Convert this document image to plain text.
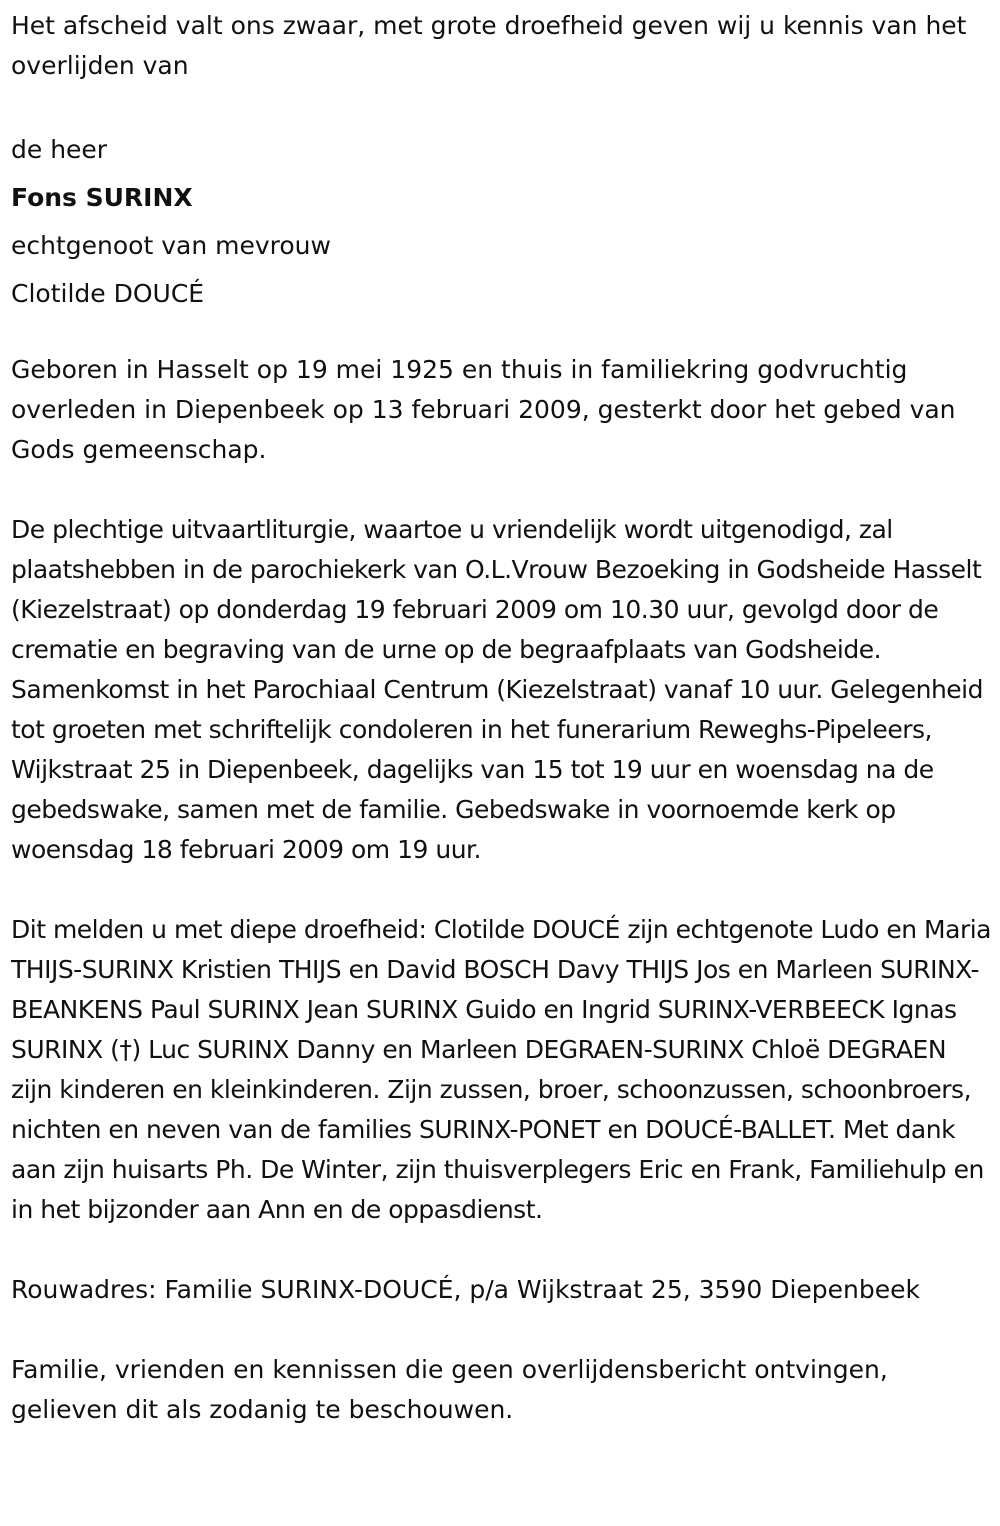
Het afscheid valt ons zwaar, met grote droefheid geven wij u kennis van het overlijden van

de heer

Fons SURINX

echtgenoot van mevrouw

Clotilde DOUCÉ

Geboren in Hasselt op 19 mei 1925 en thuis in familiekring godvruchtig overleden in Diepenbeek op 13 februari 2009, gesterkt door het gebed van Gods gemeenschap.

De plechtige uitvaartliturgie, waartoe u vriendelijk wordt uitgenodigd, zal plaatshebben in de parochiekerk van O.L.Vrouw Bezoeking in Godsheide Hasselt (Kiezelstraat) op donderdag 19 februari 2009 om 10.30 uur, gevolgd door de crematie en begraving van de urne op de begraafplaats van Godsheide. Samenkomst in het Parochiaal Centrum (Kiezelstraat) vanaf 10 uur. Gelegenheid tot groeten met schriftelijk condoleren in het funerarium Reweghs-Pipeleers, Wijkstraat 25 in Diepenbeek, dagelijks van 15 tot 19 uur en woensdag na de gebedswake, samen met de familie. Gebedswake in voornoemde kerk op woensdag 18 februari 2009 om 19 uur.

Dit melden u met diepe droefheid: Clotilde DOUCÉ zijn echtgenote Ludo en Maria THIJS-SURINX Kristien THIJS en David BOSCH Davy THIJS Jos en Marleen SURINX-BEANKENS Paul SURINX Jean SURINX Guido en Ingrid SURINX-VERBEECK Ignas SURINX (†) Luc SURINX Danny en Marleen DEGRAEN-SURINX Chloë DEGRAEN zijn kinderen en kleinkinderen. Zijn zussen, broer, schoonzussen, schoonbroers, nichten en neven van de families SURINX-PONET en DOUCÉ-BALLET. Met dank aan zijn huisarts Ph. De Winter, zijn thuisverplegers Eric en Frank, Familiehulp en in het bijzonder aan Ann en de oppasdienst.

Rouwadres: Familie SURINX-DOUCÉ, p/a Wijkstraat 25, 3590 Diepenbeek

Familie, vrienden en kennissen die geen overlijdensbericht ontvingen, gelieven dit als zodanig te beschouwen.
